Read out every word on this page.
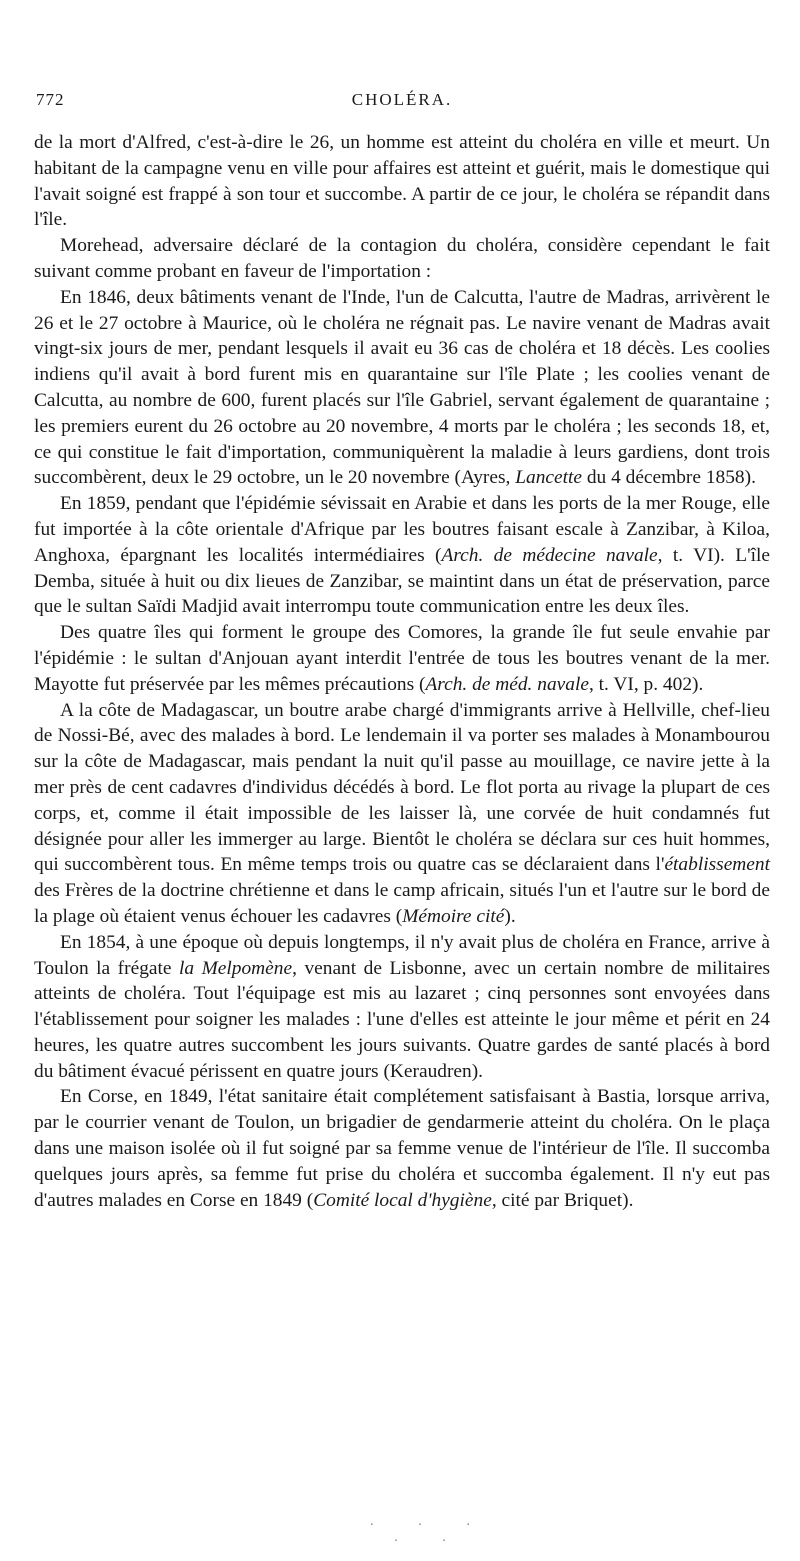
772	CHOLÉRA.

de la mort d'Alfred, c'est-à-dire le 26, un homme est atteint du choléra en ville et meurt. Un habitant de la campagne venu en ville pour affaires est atteint et guérit, mais le domestique qui l'avait soigné est frappé à son tour et succombe. A partir de ce jour, le choléra se répandit dans l'île.

Morehead, adversaire déclaré de la contagion du choléra, considère cependant le fait suivant comme probant en faveur de l'importation :

En 1846, deux bâtiments venant de l'Inde, l'un de Calcutta, l'autre de Madras, arrivèrent le 26 et le 27 octobre à Maurice, où le choléra ne régnait pas. Le navire venant de Madras avait vingt-six jours de mer, pendant lesquels il avait eu 36 cas de choléra et 18 décès. Les coolies indiens qu'il avait à bord furent mis en quarantaine sur l'île Plate ; les coolies venant de Calcutta, au nombre de 600, furent placés sur l'île Gabriel, servant également de quarantaine ; les premiers eurent du 26 octobre au 20 novembre, 4 morts par le choléra ; les seconds 18, et, ce qui constitue le fait d'importation, communiquèrent la maladie à leurs gardiens, dont trois succombèrent, deux le 29 octobre, un le 20 novembre (Ayres, Lancette du 4 décembre 1858).

En 1859, pendant que l'épidémie sévissait en Arabie et dans les ports de la mer Rouge, elle fut importée à la côte orientale d'Afrique par les boutres faisant escale à Zanzibar, à Kiloa, Anghoxa, épargnant les localités intermédiaires (Arch. de médecine navale, t. VI). L'île Demba, située à huit ou dix lieues de Zanzibar, se maintint dans un état de préservation, parce que le sultan Saïdi Madjid avait interrompu toute communication entre les deux îles.

Des quatre îles qui forment le groupe des Comores, la grande île fut seule envahie par l'épidémie : le sultan d'Anjouan ayant interdit l'entrée de tous les boutres venant de la mer. Mayotte fut préservée par les mêmes précautions (Arch. de méd. navale, t. VI, p. 402).

A la côte de Madagascar, un boutre arabe chargé d'immigrants arrive à Hellville, chef-lieu de Nossi-Bé, avec des malades à bord. Le lendemain il va porter ses malades à Monambourou sur la côte de Madagascar, mais pendant la nuit qu'il passe au mouillage, ce navire jette à la mer près de cent cadavres d'individus décédés à bord. Le flot porta au rivage la plupart de ces corps, et, comme il était impossible de les laisser là, une corvée de huit condamnés fut désignée pour aller les immerger au large. Bientôt le choléra se déclara sur ces huit hommes, qui succombèrent tous. En même temps trois ou quatre cas se déclaraient dans l'établissement des Frères de la doctrine chrétienne et dans le camp africain, situés l'un et l'autre sur le bord de la plage où étaient venus échouer les cadavres (Mémoire cité).

En 1854, à une époque où depuis longtemps, il n'y avait plus de choléra en France, arrive à Toulon la frégate la Melpomène, venant de Lisbonne, avec un certain nombre de militaires atteints de choléra. Tout l'équipage est mis au lazaret ; cinq personnes sont envoyées dans l'établissement pour soigner les malades : l'une d'elles est atteinte le jour même et périt en 24 heures, les quatre autres succombent les jours suivants. Quatre gardes de santé placés à bord du bâtiment évacué périssent en quatre jours (Keraudren).

En Corse, en 1849, l'état sanitaire était complétement satisfaisant à Bastia, lorsque arriva, par le courrier venant de Toulon, un brigadier de gendarmerie atteint du choléra. On le plaça dans une maison isolée où il fut soigné par sa femme venue de l'intérieur de l'île. Il succomba quelques jours après, sa femme fut prise du choléra et succomba également. Il n'y eut pas d'autres malades en Corse en 1849 (Comité local d'hygiène, cité par Briquet).

· · · · ·
